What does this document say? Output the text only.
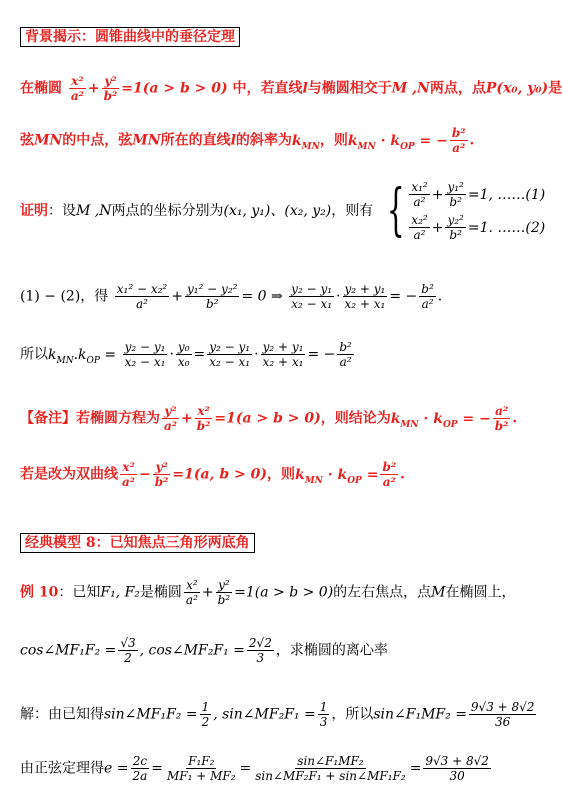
背景揭示：圆锥曲线中的垂径定理
在椭圆 $\frac{\text{x²}}{\text{a²}} + \frac{\text{y²}}{\text{b²}} =1(a > b > 0)$ 中，若直线l与椭圆相交于M ,N两点，点P(x₀, y₀)是
弦MN的中点，弦MN所在的直线l的斜率为$k_{MN}$，则$k_{MN} \cdot k_{OP}$ = − $\frac{\text{b²}}{\text{a²}}$ .
证明：设M ,N两点的坐标分别为(x₁, y₁)、(x₂, y₂)，则有 { $\frac{\text{x₁²}}{\text{a²}} + \frac{\text{y₁²}}{\text{b²}} =1$, ……(1)
$\frac{\text{x₂²}}{\text{a²}} + \frac{\text{y₂²}}{\text{b²}} =1$. ……(2)
(1) − (2)，得 $\frac{\text{x₁² − x₂²}}{\text{a²}} + \frac{\text{y₁² − y₂²}}{\text{b²}} = 0$ ⇒ $\frac{\text{y₂ − y₁}}{\text{x₂ − x₁}} \cdot \frac{\text{y₂ + y₁}}{\text{x₂ + x₁}}$ = − $\frac{\text{b²}}{\text{a²}}$ .
所以$k_{MN}.k_{OP} = \frac{\text{y₂ − y₁}}{\text{x₂ − x₁}} \cdot \frac{\text{y₀}}{\text{x₀}} = \frac{\text{y₂ − y₁}}{\text{x₂ − x₁}} \cdot \frac{\text{y₂ + y₁}}{\text{x₂ + x₁}}$ = − $\frac{\text{b²}}{\text{a²}}$
【备注】若椭圆方程为 $\frac{\text{y²}}{\text{a²}} + \frac{\text{x²}}{\text{b²}} =1(a > b > 0)$，则结论为$k_{MN} \cdot k_{OP}$ = − $\frac{\text{a²}}{\text{b²}}$ .
若是改为双曲线 $\frac{\text{x²}}{\text{a²}} - \frac{\text{y²}}{\text{b²}} =1(a$, b > 0)，则$k_{MN} \cdot k_{OP} = \frac{\text{b²}}{\text{a²}}$ .
经典模型 8：已知焦点三角形两底角
例 10：已知F₁, F₂是椭圆 $\frac{\text{x²}}{\text{a²}} + \frac{\text{y²}}{\text{b²}} =1(a > b > 0)$的左右焦点，点M在椭圆上，
cos∠MF₁F₂ = $\frac{√3}{2}$ , cos∠MF₂F₁ = $\frac{2√2}{3}$ ，求椭圆的离心率
解：由已知得sin∠MF₁F₂ = $\frac{1}{2}$ , sin∠MF₂F₁ = $\frac{1}{3}$ ，所以sin∠F₁MF₂ = $\frac{9√3 + 8√2}{36}$
由正弦定理得$e = \frac{2c}{2a} = \frac{\text{F₁F₂}}{\text{MF₁ + MF₂}} = \frac{\text{sin∠F₁MF₂}}{\text{sin∠MF₂F₁ + sin∠MF₁F₂}} = \frac{9√3 + 8√2}{30}$
